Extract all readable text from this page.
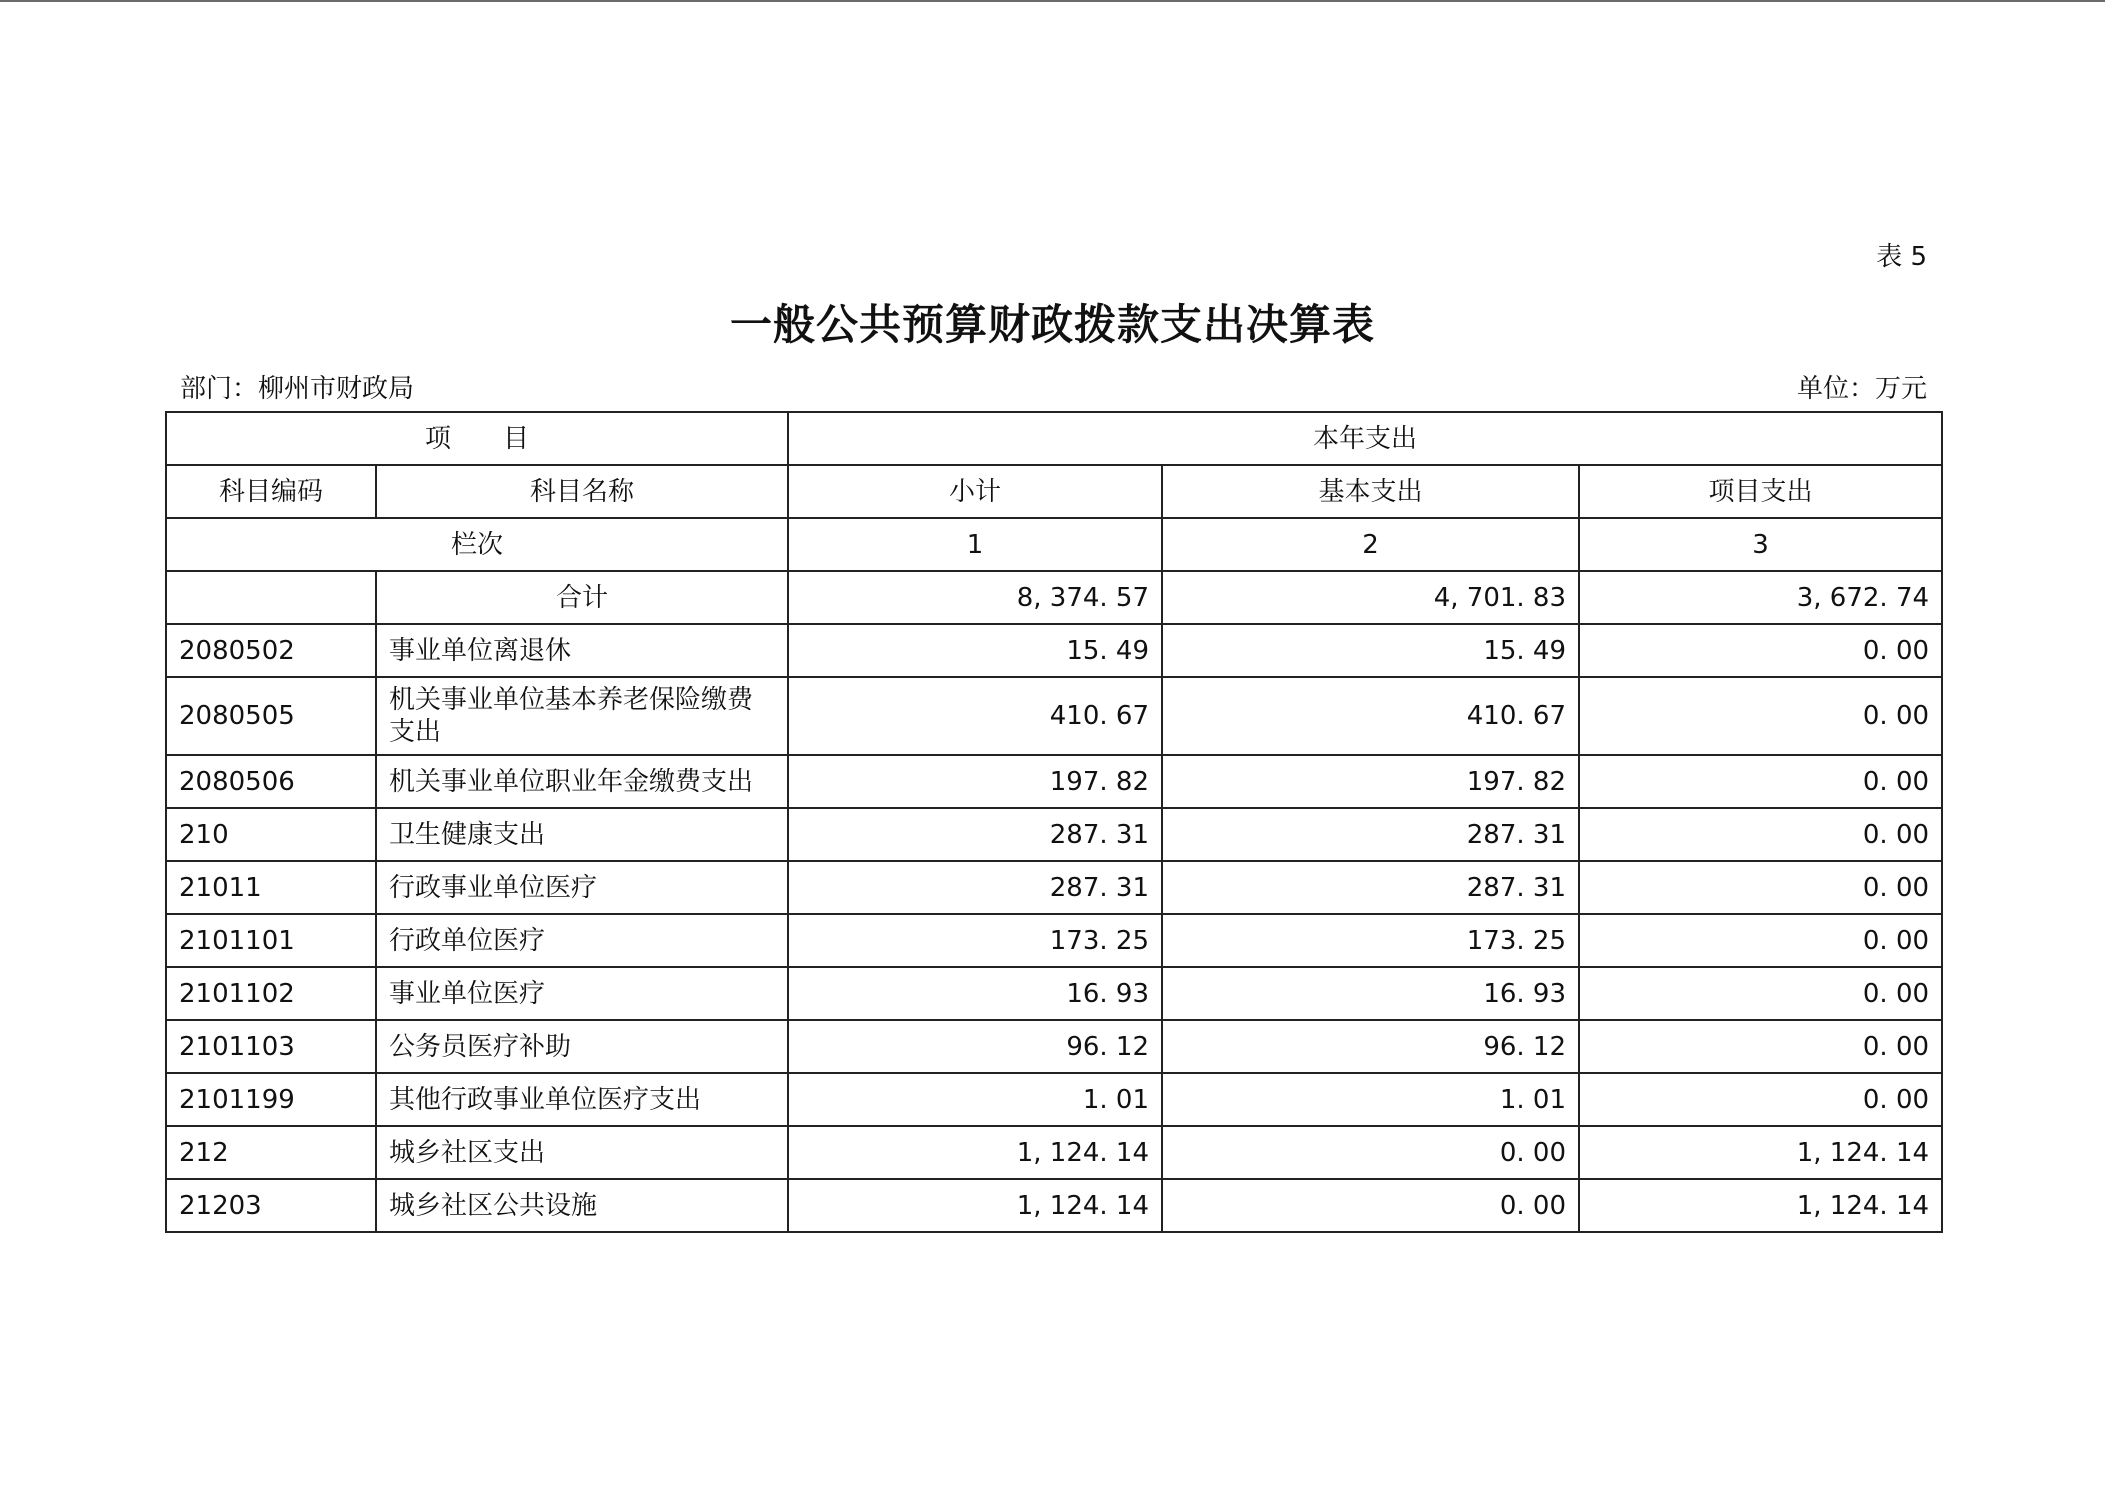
表 5
一般公共预算财政拨款支出决算表
部门：柳州市财政局	单位：万元
项　　目		本年支出		
科目编码	科目名称	小计	基本支出	项目支出
栏次		1	2	3
	合计	8, 374. 57	4, 701. 83	3, 672. 74
2080502	事业单位离退休	15. 49	15. 49	0. 00
2080505	机关事业单位基本养老保险缴费支出	410. 67	410. 67	0. 00
2080506	机关事业单位职业年金缴费支出	197. 82	197. 82	0. 00
210	卫生健康支出	287. 31	287. 31	0. 00
21011	行政事业单位医疗	287. 31	287. 31	0. 00
2101101	行政单位医疗	173. 25	173. 25	0. 00
2101102	事业单位医疗	16. 93	16. 93	0. 00
2101103	公务员医疗补助	96. 12	96. 12	0. 00
2101199	其他行政事业单位医疗支出	1. 01	1. 01	0. 00
212	城乡社区支出	1, 124. 14	0. 00	1, 124. 14
21203	城乡社区公共设施	1, 124. 14	0. 00	1, 124. 14
